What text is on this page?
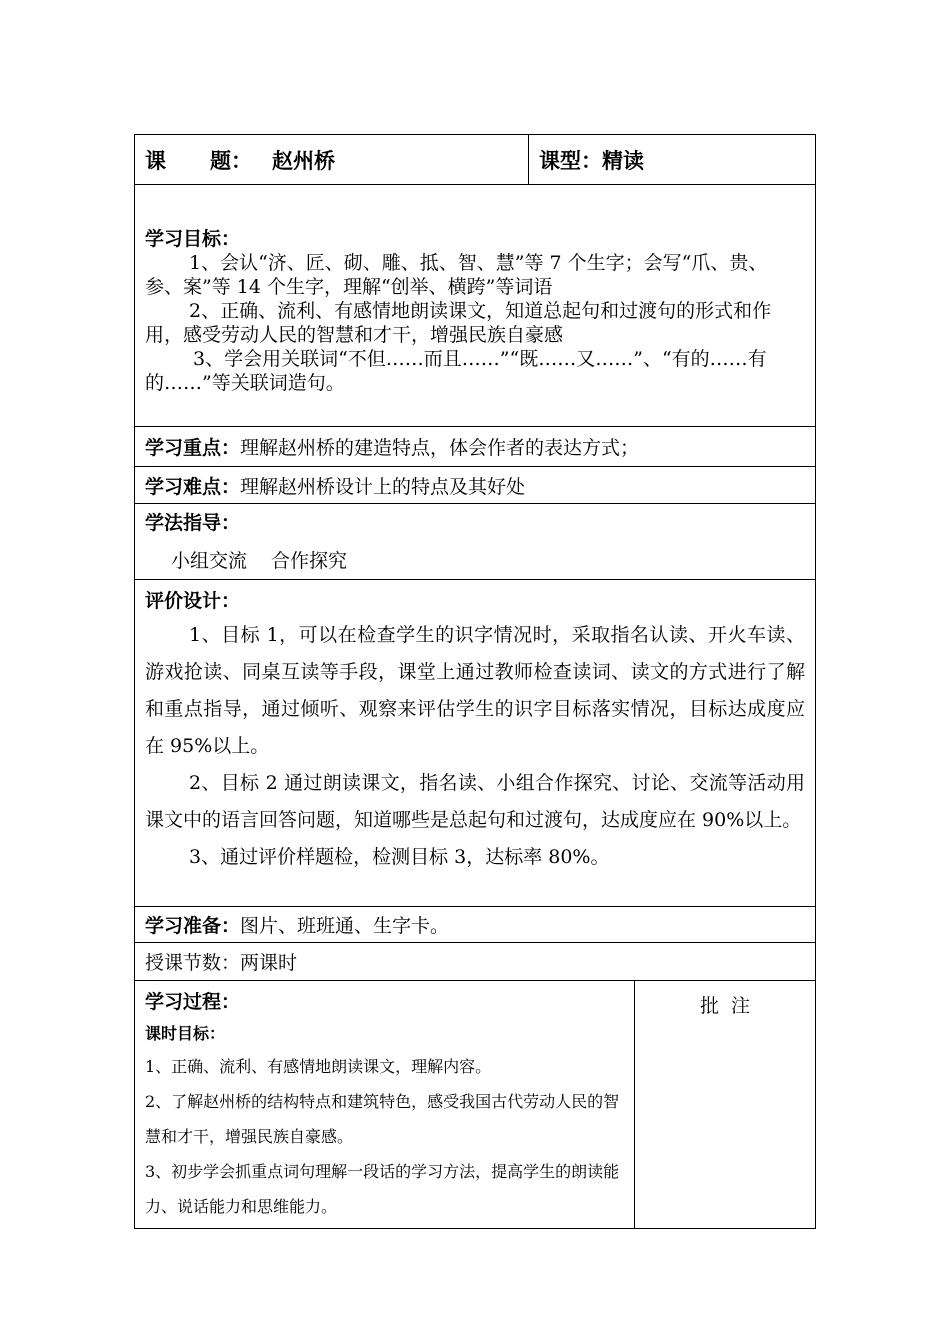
课 题： 赵州桥	课型： 精读
学习目标：

1、会认“济、匠、砌、雕、抵、智、慧”等 7 个生字；会写“爪、贵、参、案”等 14 个生字，理解“创举、横跨”等词语

2、正确、流利、有感情地朗读课文，知道总起句和过渡句的形式和作用，感受劳动人民的智慧和才干，增强民族自豪感

3、学会用关联词“不但……而且……”“既……又……”、“有的……有的……”等关联词造句。

学习重点： 理解赵州桥的建造特点，体会作者的表达方式；
学习难点： 理解赵州桥设计上的特点及其好处
学法指导：
小组交流 合作探究
评价设计：

1、目标 1，可以在检查学生的识字情况时，采取指名认读、开火车读、游戏抢读、同桌互读等手段，课堂上通过教师检查读词、读文的方式进行了解和重点指导，通过倾听、观察来评估学生的识字目标落实情况，目标达成度应在 95%以上。

2、目标 2 通过朗读课文，指名读、小组合作探究、讨论、交流等活动用课文中的语言回答问题，知道哪些是总起句和过渡句，达成度应在 90%以上。

3、通过评价样题检，检测目标 3，达标率 80%。

学习准备： 图片、班班通、生字卡。
授课节数： 两课时
学习过程：
课时目标：

1、正确、流利、有感情地朗读课文，理解内容。

2、了解赵州桥的结构特点和建筑特色，感受我国古代劳动人民的智慧和才干，增强民族自豪感。

3、初步学会抓重点词句理解一段话的学习方法，提高学生的朗读能力、说话能力和思维能力。

批  注
